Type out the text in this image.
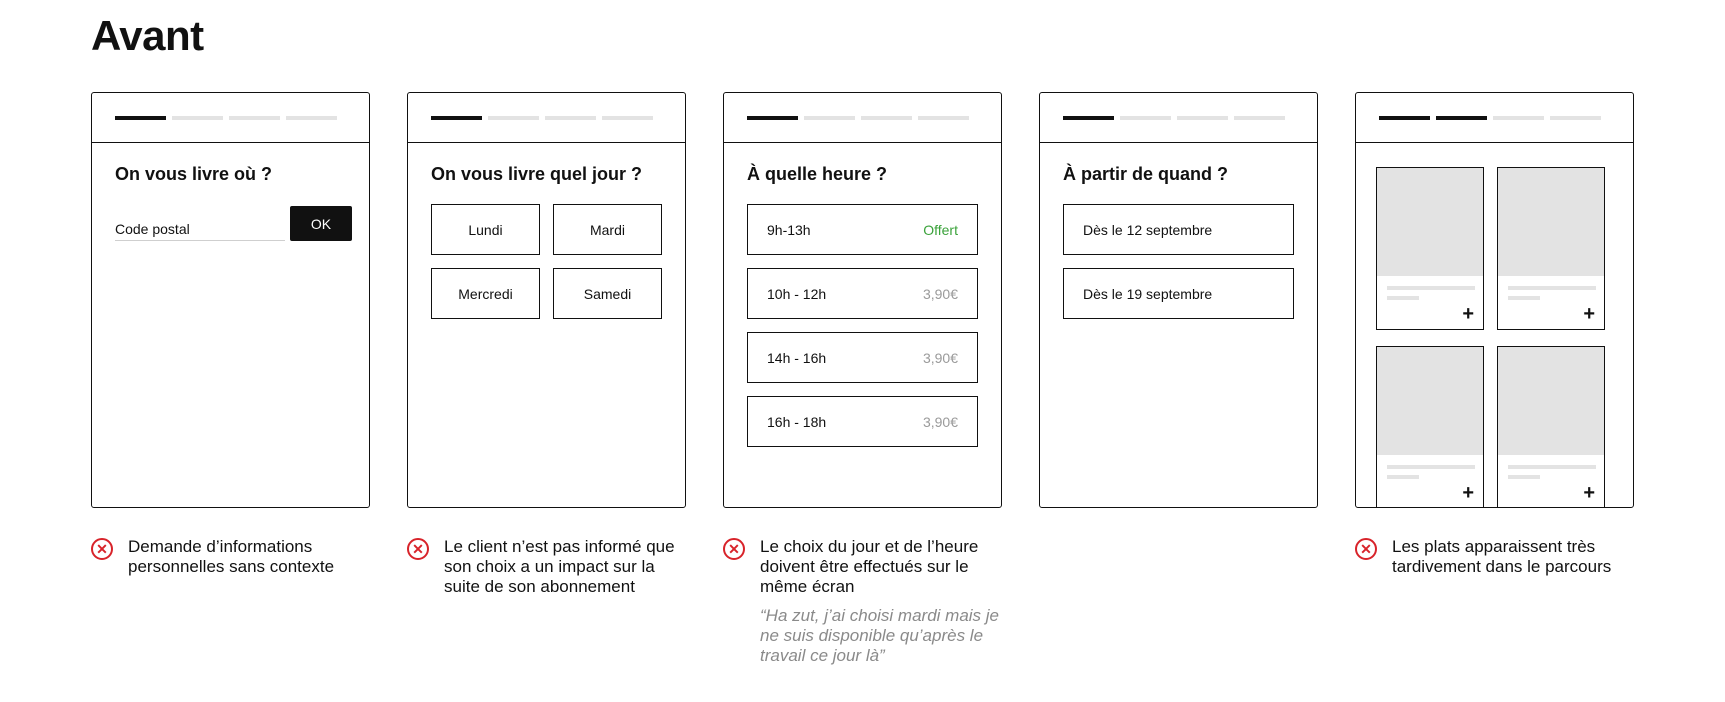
Avant
On vous livre où ?
Code postal	OK
On vous livre quel jour ?
Lundi	Mardi
Mercredi	Samedi
À quelle heure ?
9h-13h	Offert
10h - 12h	3,90€
14h - 16h	3,90€
16h - 18h	3,90€
À partir de quand ?
Dès le 12 septembre
Dès le 19 septembre
+	+
+	+
✕	Demande d’informations personnelles sans contexte
✕	Le client n’est pas informé que son choix a un impact sur la suite de son abonnement
✕	Le choix du jour et de l’heure doivent être effectués sur le même écran
“Ha zut, j’ai choisi mardi mais je ne suis disponible qu’après le travail ce jour là”
✕	Les plats apparaissent très tardivement dans le parcours
